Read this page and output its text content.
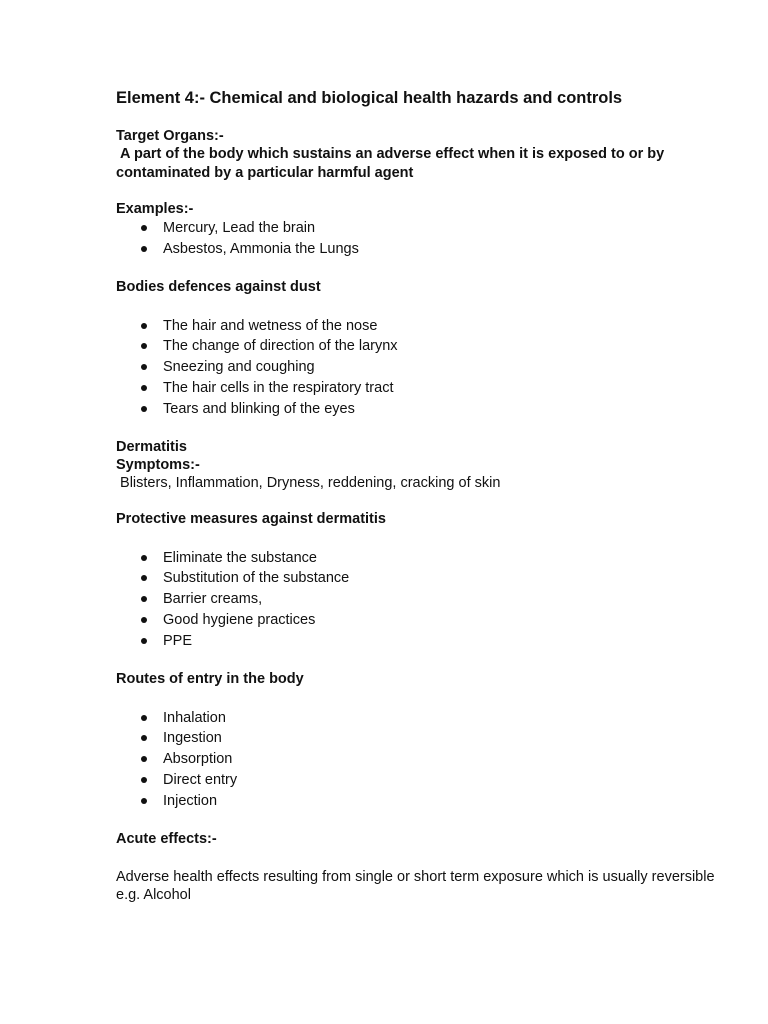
Element 4:- Chemical and biological health hazards and controls

Target Organs:-

A part of the body which sustains an adverse effect when it is exposed to or by contaminated by a particular harmful agent

Examples:-

Mercury, Lead the brain
Asbestos, Ammonia the Lungs

Bodies defences against dust

The hair and wetness of the nose
The change of direction of the larynx
Sneezing and coughing
The hair cells in the respiratory tract
Tears and blinking of the eyes

Dermatitis

Symptoms:-

Blisters, Inflammation, Dryness, reddening, cracking of skin

Protective measures against dermatitis

Eliminate the substance
Substitution of the substance
Barrier creams,
Good hygiene practices
PPE

Routes of entry in the body

Inhalation
Ingestion
Absorption
Direct entry
Injection

Acute effects:-

Adverse health effects resulting from single or short term exposure which is usually reversible e.g. Alcohol
